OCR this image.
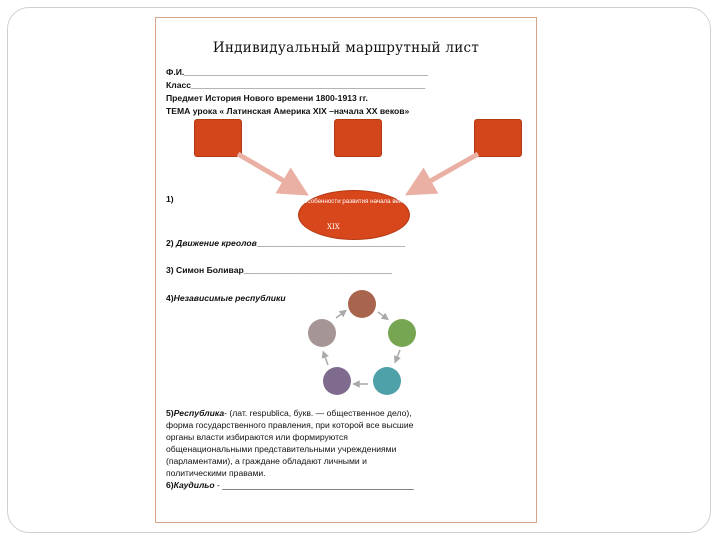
Индивидуальный маршрутный лист
Ф.И.___________________________________________________
Класс_________________________________________________
Предмет История Нового времени 1800-1913 гг.
ТЕМА урока « Латинская Америка XIX –начала XX веков»
1)	Особенности развития начала века
XIX
2) Движение креолов_______________________________
3) Симон Боливар_______________________________
4)Независимые республики
5)Республика- (лат. respublica, букв. — общественное дело),
форма государственного правления, при которой все высшие
органы власти избираются или формируются
общенациональными представительными учреждениями
(парламентами), а граждане обладают личными и
политическими правами.
6)Каудильо - ________________________________________
